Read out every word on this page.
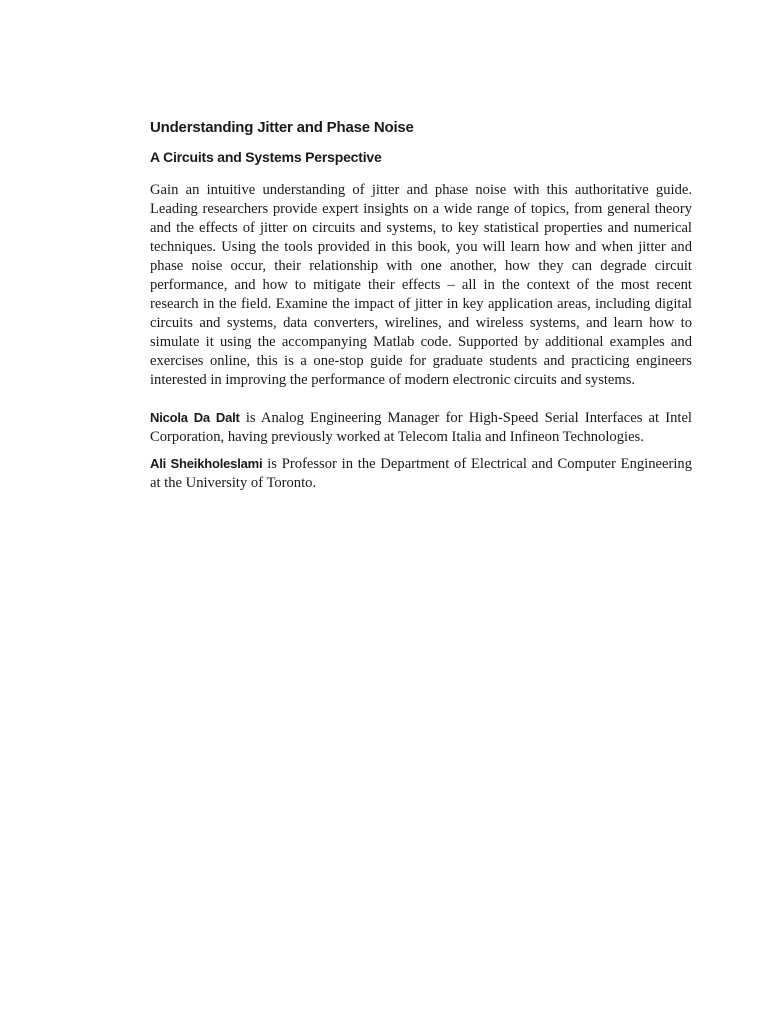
Understanding Jitter and Phase Noise
A Circuits and Systems Perspective

Gain an intuitive understanding of jitter and phase noise with this authoritative guide. Leading researchers provide expert insights on a wide range of topics, from general theory and the effects of jitter on circuits and systems, to key statistical properties and numerical techniques. Using the tools provided in this book, you will learn how and when jitter and phase noise occur, their relationship with one another, how they can degrade circuit performance, and how to mitigate their effects – all in the context of the most recent research in the field. Examine the impact of jitter in key application areas, including digital circuits and systems, data converters, wirelines, and wireless systems, and learn how to simulate it using the accompanying Matlab code. Supported by additional examples and exercises online, this is a one-stop guide for graduate students and practicing engineers interested in improving the performance of modern electronic circuits and systems.

Nicola Da Dalt is Analog Engineering Manager for High-Speed Serial Interfaces at Intel Corporation, having previously worked at Telecom Italia and Infineon Technologies.

Ali Sheikholeslami is Professor in the Department of Electrical and Computer Engineering at the University of Toronto.
